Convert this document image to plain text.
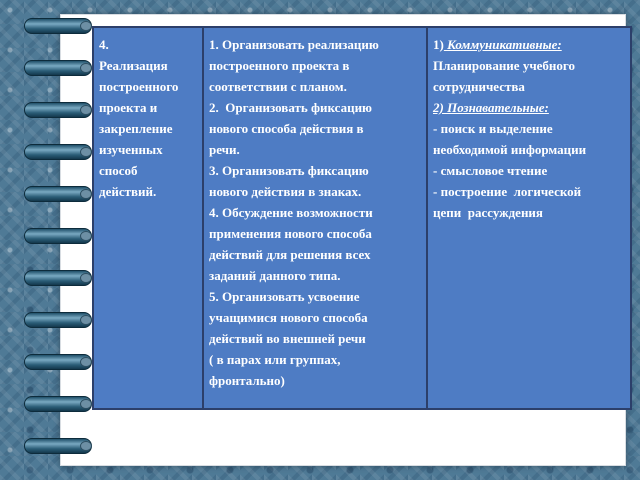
4.
Реализация
построенного
проекта и
закрепление
изученных
способ
действий.
1. Организовать реализацию
построенного проекта в
соответствии с планом.
2.  Организовать фиксацию
нового способа действия в
речи.
3. Организовать фиксацию
нового действия в знаках.
4. Обсуждение возможности
применения нового способа
действий для решения всех
заданий данного типа.
5. Организовать усвоение
учащимися нового способа
действий во внешней речи
( в парах или группах,
фронтально)
1) Коммуникативные:
Планирование учебного
сотрудничества
2) Познавательные:
- поиск и выделение
необходимой информации
- смысловое чтение
- построение  логической
цепи  рассуждения
